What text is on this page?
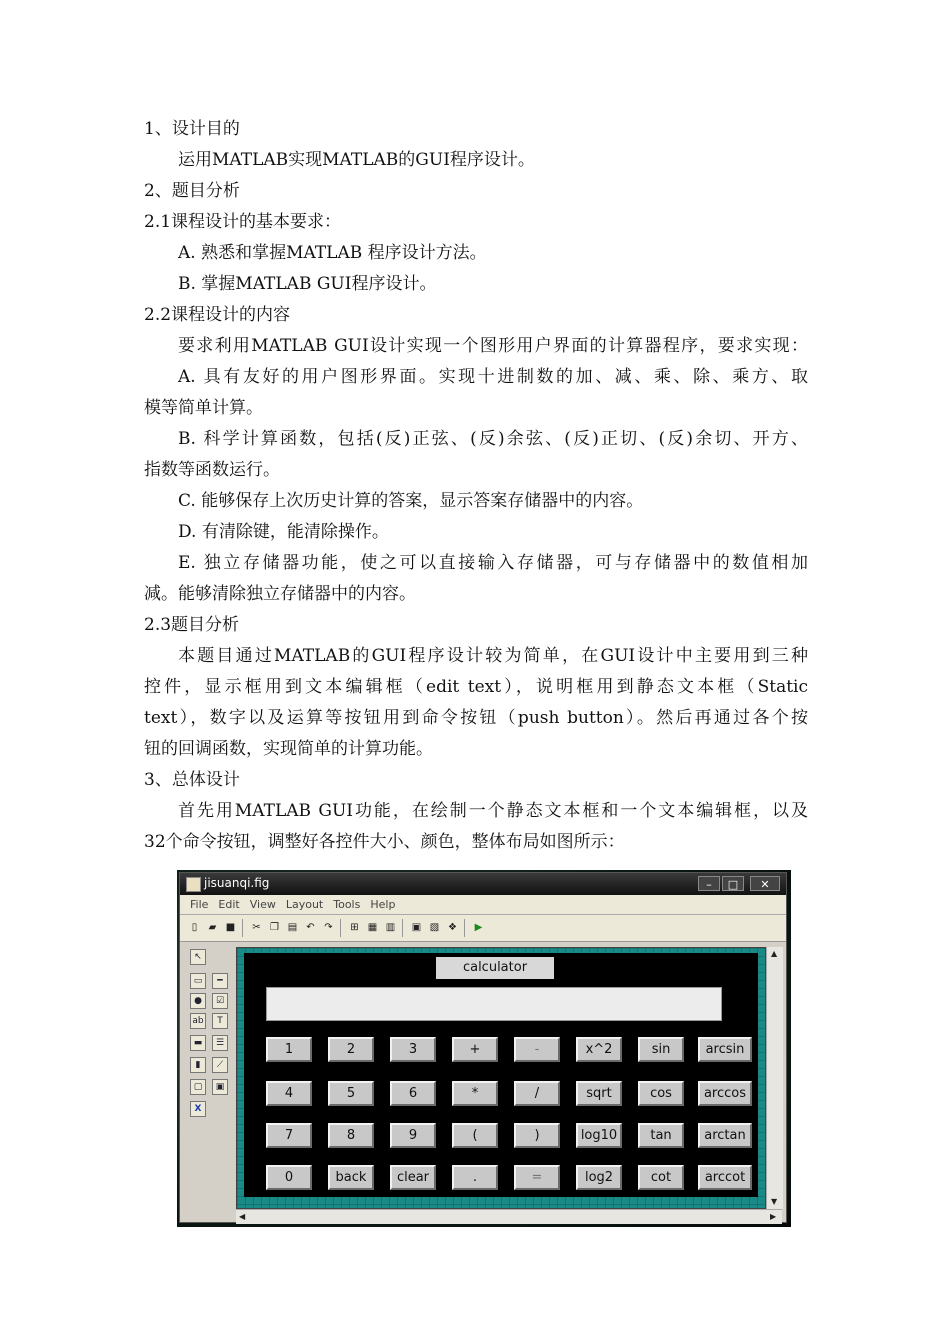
1、设计目的
运用MATLAB实现MATLAB的GUI程序设计。
2、题目分析
2.1课程设计的基本要求：
A. 熟悉和掌握MATLAB 程序设计方法。
B. 掌握MATLAB GUI程序设计。
2.2课程设计的内容
要求利用MATLAB GUI设计实现一个图形用户界面的计算器程序，要求实现：
A. 具有友好的用户图形界面。实现十进制数的加、减、乘、除、乘方、取
模等简单计算。
B. 科学计算函数，包括(反)正弦、(反)余弦、(反)正切、(反)余切、开方、
指数等函数运行。
C. 能够保存上次历史计算的答案，显示答案存储器中的内容。
D. 有清除键，能清除操作。
E. 独立存储器功能，使之可以直接输入存储器，可与存储器中的数值相加
减。能够清除独立存储器中的内容。
2.3题目分析
本题目通过MATLAB的GUI程序设计较为简单，在GUI设计中主要用到三种
控件，显示框用到文本编辑框（edit text），说明框用到静态文本框（Static
text），数字以及运算等按钮用到命令按钮（push button）。然后再通过各个按
钮的回调函数，实现简单的计算功能。
3、总体设计
首先用MATLAB GUI功能，在绘制一个静态文本框和一个文本编辑框，以及
32个命令按钮，调整好各控件大小、颜色，整体布局如图所示：
jisuanqi.fig	–	□	✕
File Edit View Layout Tools Help
▯	▰ ■ ✂ ❐ ▤ ↶ ↷ ⊞ ▦ ▥ ▣ ▧ ❖ ▶
↖
▭	━
●	☑
ab	T
▬	☰
▮	⟋
▢	▣
X
calculator
1	2	3	+	-	x^2	sin	arcsin
4	5	6	*	/	sqrt	cos	arccos
7	8	9	(	)	log10	tan	arctan
0	back	clear	.	=	log2	cot	arccot
▲
▼
◀	▶
